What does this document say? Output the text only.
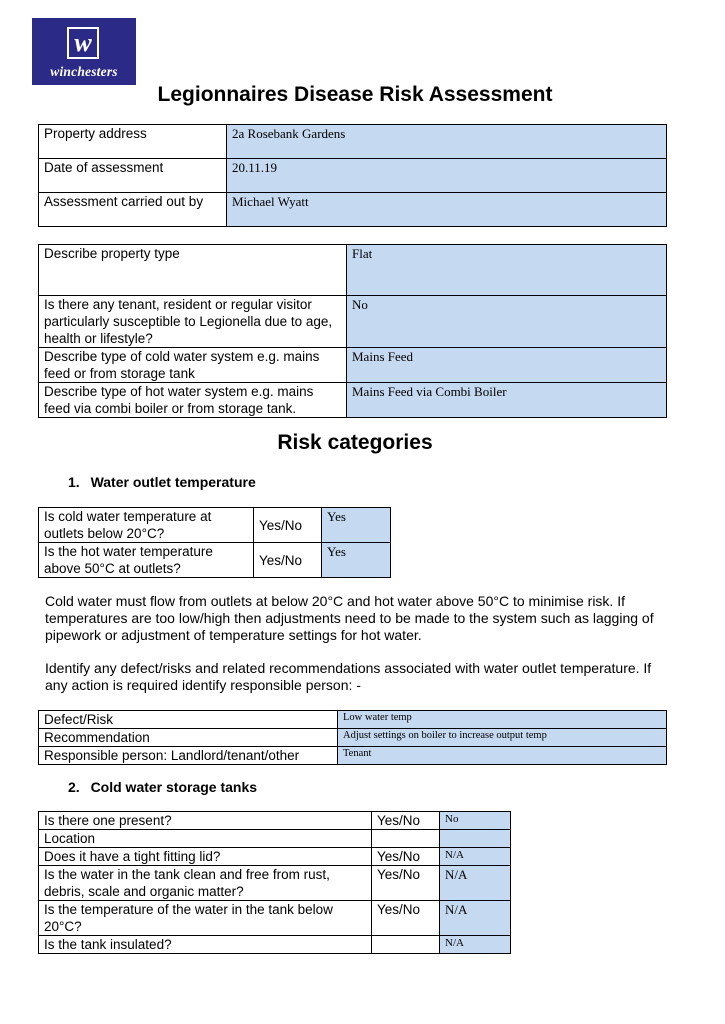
w
winchesters
Legionnaires Disease Risk Assessment
Property address	2a Rosebank Gardens
Date of assessment	20.11.19
Assessment carried out by	Michael Wyatt
Describe property type	Flat
Is there any tenant, resident or regular visitor particularly susceptible to Legionella due to age, health or lifestyle?	No
Describe type of cold water system e.g. mains feed or from storage tank	Mains Feed
Describe type of hot water system e.g. mains feed via combi boiler or from storage tank.	Mains Feed via Combi Boiler
Risk categories
1.  Water outlet temperature
Is cold water temperature at outlets below 20°C?	Yes/No	Yes
Is the hot water temperature above 50°C at outlets?	Yes/No	Yes
Cold water must flow from outlets at below 20°C and hot water above 50°C to minimise risk. If temperatures are too low/high then adjustments need to be made to the system such as lagging of pipework or adjustment of temperature settings for hot water.
Identify any defect/risks and related recommendations associated with water outlet temperature. If any action is required identify responsible person: -
Defect/Risk	Low water temp
Recommendation	Adjust settings on boiler to increase output temp
Responsible person: Landlord/tenant/other	Tenant
2.  Cold water storage tanks
Is there one present?	Yes/No	No
Location		
Does it have a tight fitting lid?	Yes/No	N/A
Is the water in the tank clean and free from rust, debris, scale and organic matter?	Yes/No	N/A
Is the temperature of the water in the tank below 20°C?	Yes/No	N/A
Is the tank insulated?		N/A
